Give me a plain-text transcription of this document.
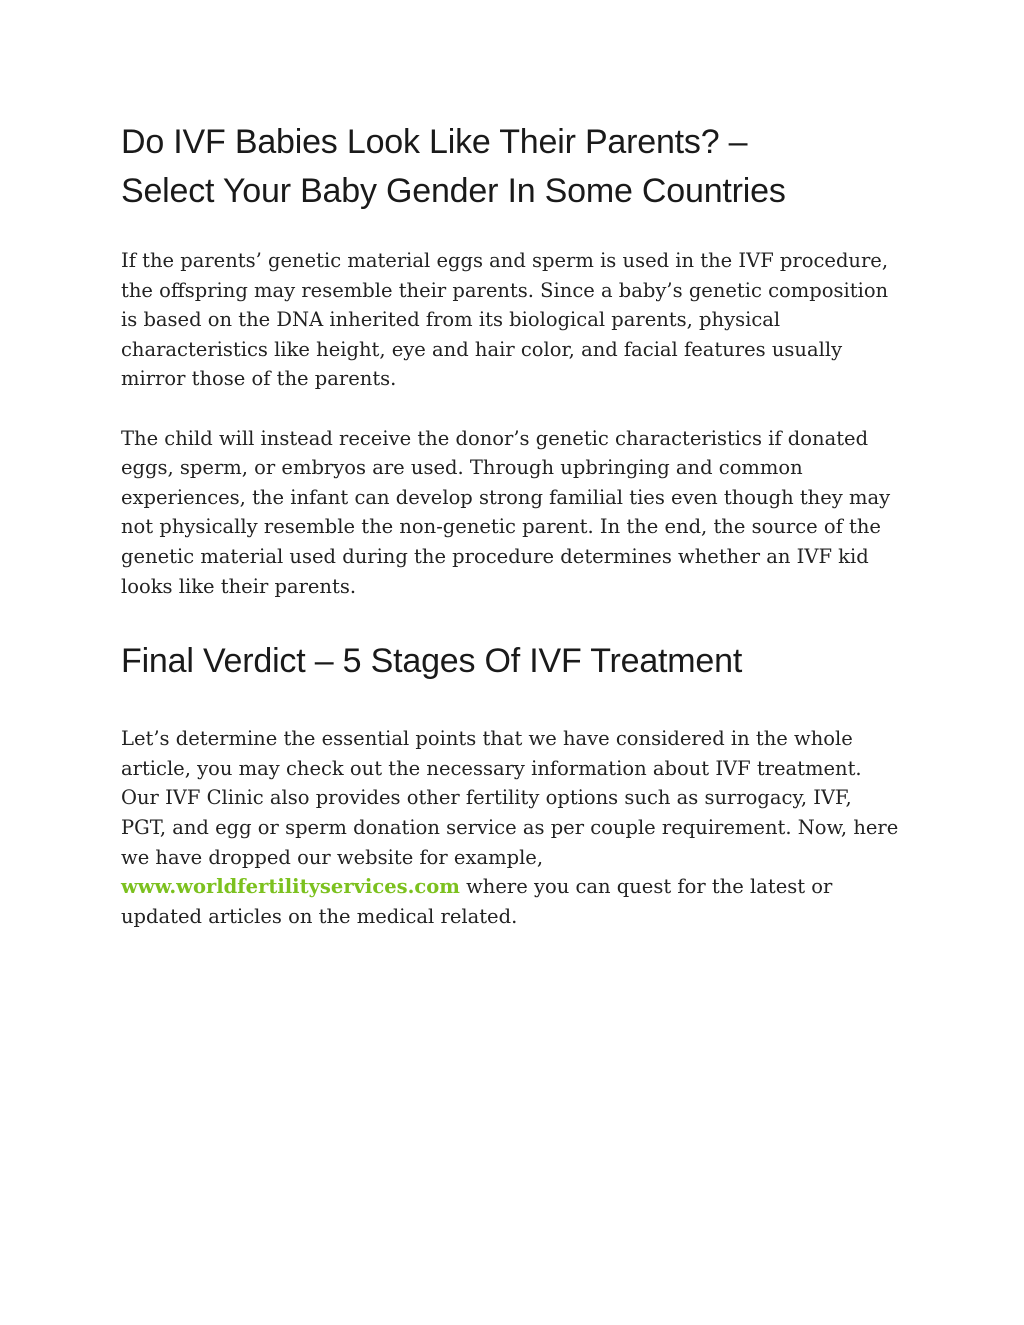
Do IVF Babies Look Like Their Parents? –
Select Your Baby Gender In Some Countries

If the parents’ genetic material eggs and sperm is used in the IVF procedure,
the offspring may resemble their parents. Since a baby’s genetic composition
is based on the DNA inherited from its biological parents, physical
characteristics like height, eye and hair color, and facial features usually
mirror those of the parents.

The child will instead receive the donor’s genetic characteristics if donated
eggs, sperm, or embryos are used. Through upbringing and common
experiences, the infant can develop strong familial ties even though they may
not physically resemble the non-genetic parent. In the end, the source of the
genetic material used during the procedure determines whether an IVF kid
looks like their parents.

Final Verdict – 5 Stages Of IVF Treatment

Let’s determine the essential points that we have considered in the whole
article, you may check out the necessary information about IVF treatment.
Our IVF Clinic also provides other fertility options such as surrogacy, IVF,
PGT, and egg or sperm donation service as per couple requirement. Now, here
we have dropped our website for example,
www.worldfertilityservices.com where you can quest for the latest or
updated articles on the medical related.
